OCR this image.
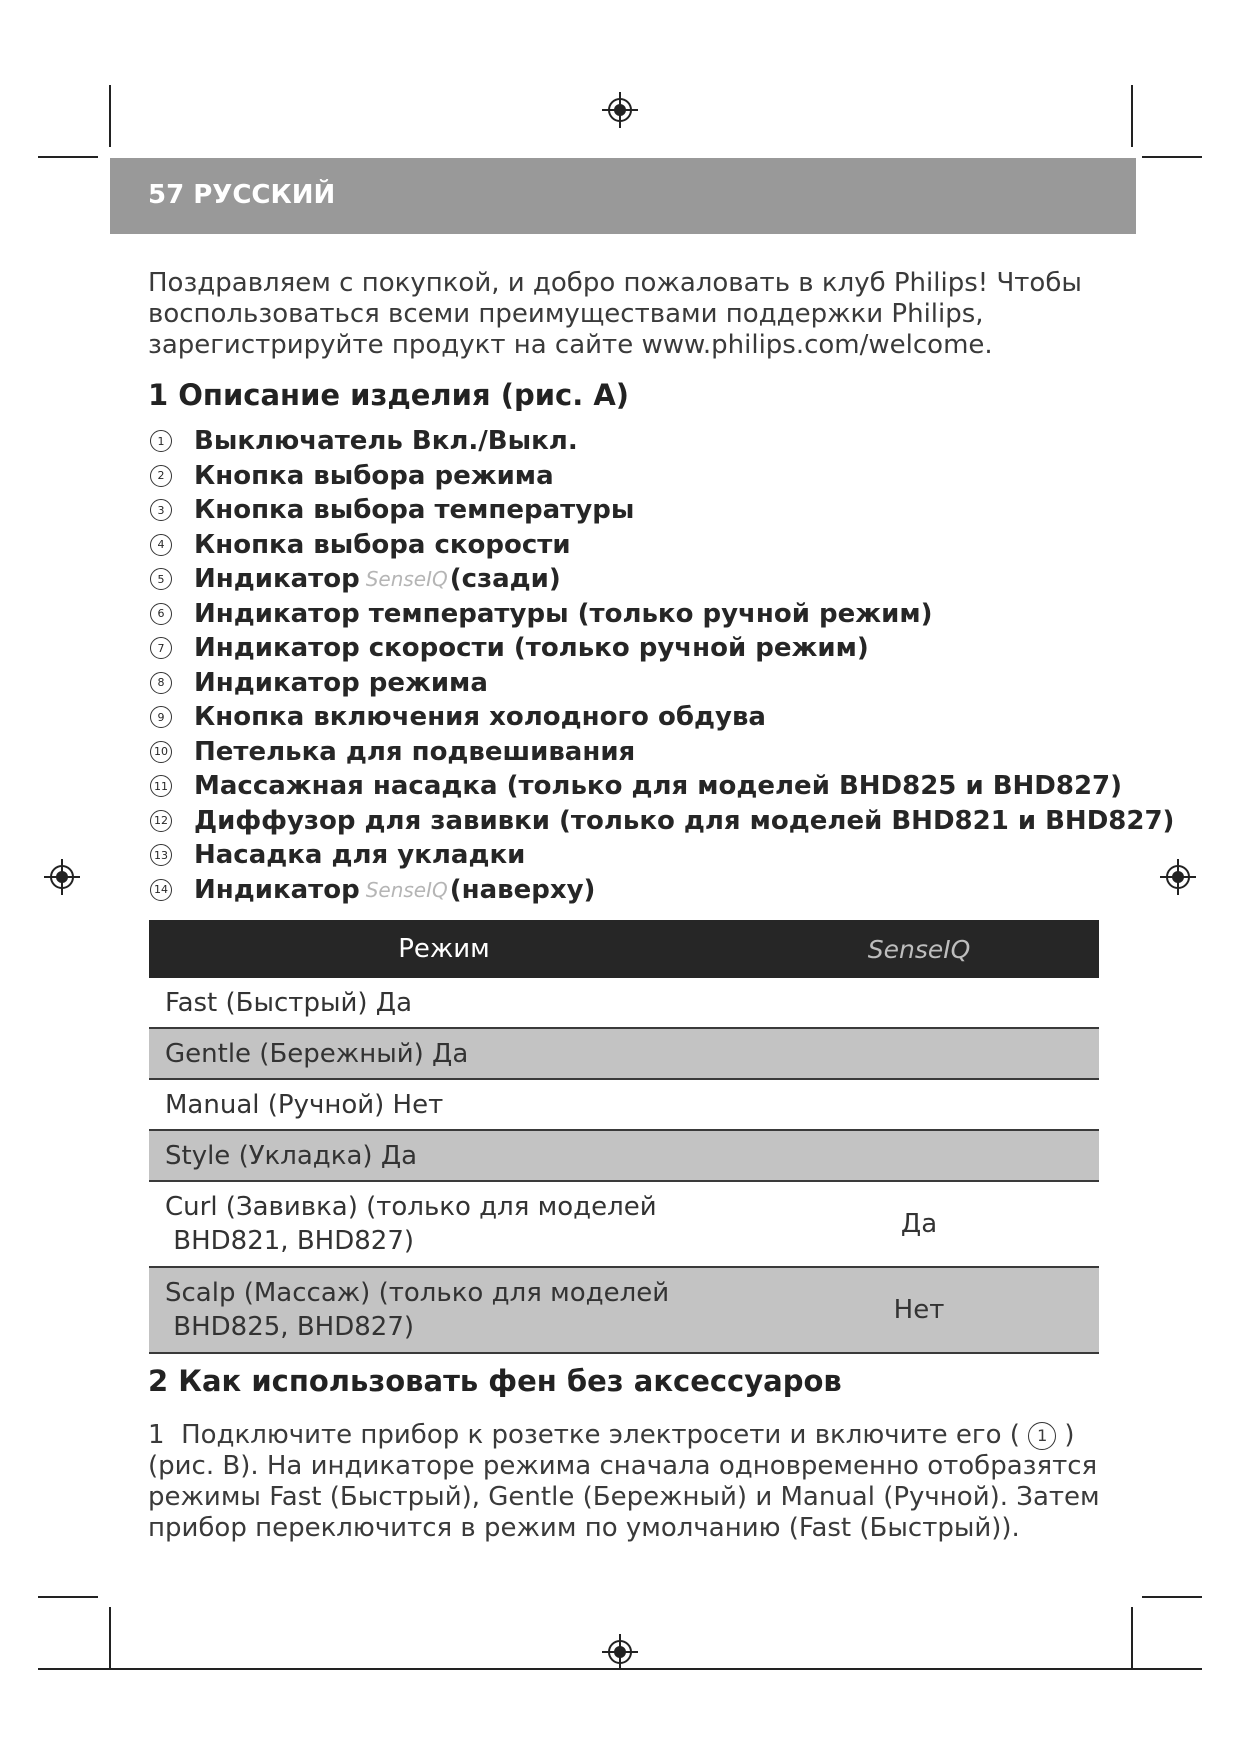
57 РУССКИЙ

Поздравляем с покупкой, и добро пожаловать в клуб Philips! Чтобы воспользоваться всеми преимуществами поддержки Philips, зарегистрируйте продукт на сайте www.philips.com/welcome.

1 Описание изделия (рис. A)
1 Выключатель Вкл./Выкл.
2 Кнопка выбора режима
3 Кнопка выбора температуры
4 Кнопка выбора скорости
5 Индикатор SenseIQ (сзади)
6 Индикатор температуры (только ручной режим)
7 Индикатор скорости (только ручной режим)
8 Индикатор режима
9 Кнопка включения холодного обдува
10 Петелька для подвешивания
11 Массажная насадка (только для моделей BHD825 и BHD827)
12 Диффузор для завивки (только для моделей BHD821 и BHD827)
13 Насадка для укладки
14 Индикатор SenseIQ (наверху)
Режим	SenseIQ
Fast (Быстрый) Да	
Gentle (Бережный) Да	
Manual (Ручной) Нет	
Style (Укладка) Да	
Curl (Завивка) (только для моделей
BHD821, BHD827)	Да
Scalp (Массаж) (только для моделей
BHD825, BHD827)	Нет
2 Как использовать фен без аксессуаров

1 Подключите прибор к розетке электросети и включите его ( 1 ) (рис. B). На индикаторе режима сначала одновременно отобразятся режимы Fast (Быстрый), Gentle (Бережный) и Manual (Ручной). Затем прибор переключится в режим по умолчанию (Fast (Быстрый)).
